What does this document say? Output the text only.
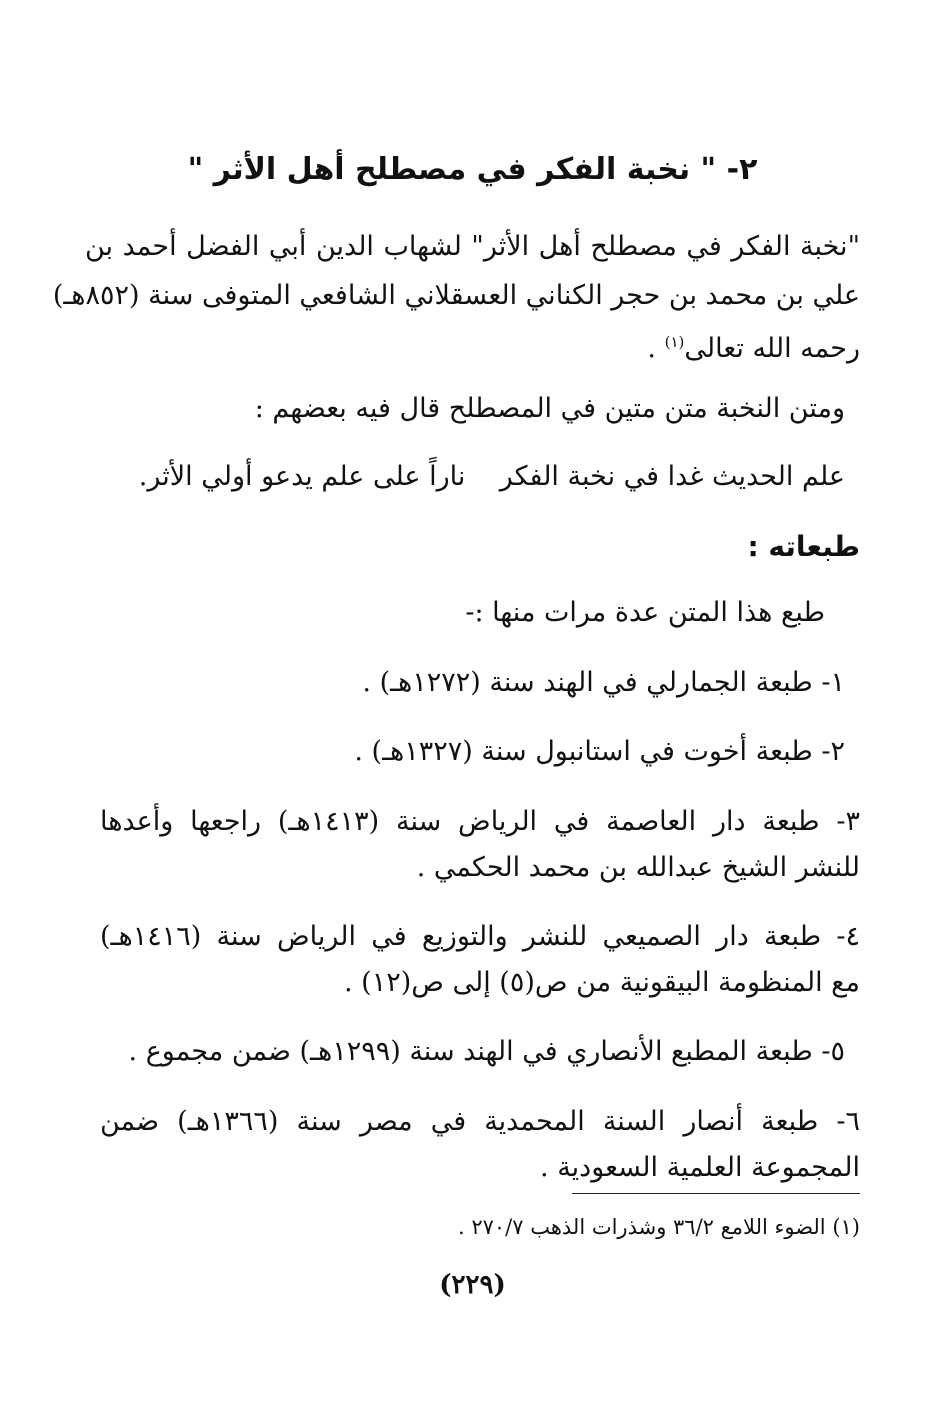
٢- " نخبة الفكر في مصطلح أهل الأثر "
"نخبة الفكر في مصطلح أهل الأثر" لشهاب الدين أبي الفضل أحمد بن
علي بن محمد بن حجر الكناني العسقلاني الشافعي المتوفى سنة (٨٥٢هـ)
رحمه الله تعالى$^{(١)}$ .
ومتن النخبة متن متين في المصطلح قال فيه بعضهم :
علم الحديث غدا في نخبة الفكر    ناراً على علم يدعو أولي الأثر.
طبعاته :
طبع هذا المتن عدة مرات منها :-
١- طبعة الجمارلي في الهند سنة (١٢٧٢هـ) .
٢- طبعة أخوت في استانبول سنة (١٣٢٧هـ) .
٣- طبعة دار العاصمة في الرياض سنة (١٤١٣هـ) راجعها وأعدها
للنشر الشيخ عبدالله بن محمد الحكمي .
٤- طبعة دار الصميعي للنشر والتوزيع في الرياض سنة (١٤١٦هـ)
مع المنظومة البيقونية من ص(٥) إلى ص(١٢) .
٥- طبعة المطبع الأنصاري في الهند سنة (١٢٩٩هـ) ضمن مجموع .
٦- طبعة أنصار السنة المحمدية في مصر سنة (١٣٦٦هـ) ضمن
المجموعة العلمية السعودية .
(١) الضوء اللامع ٣٦/٢ وشذرات الذهب ٢٧٠/٧ .
(٢٢٩)
